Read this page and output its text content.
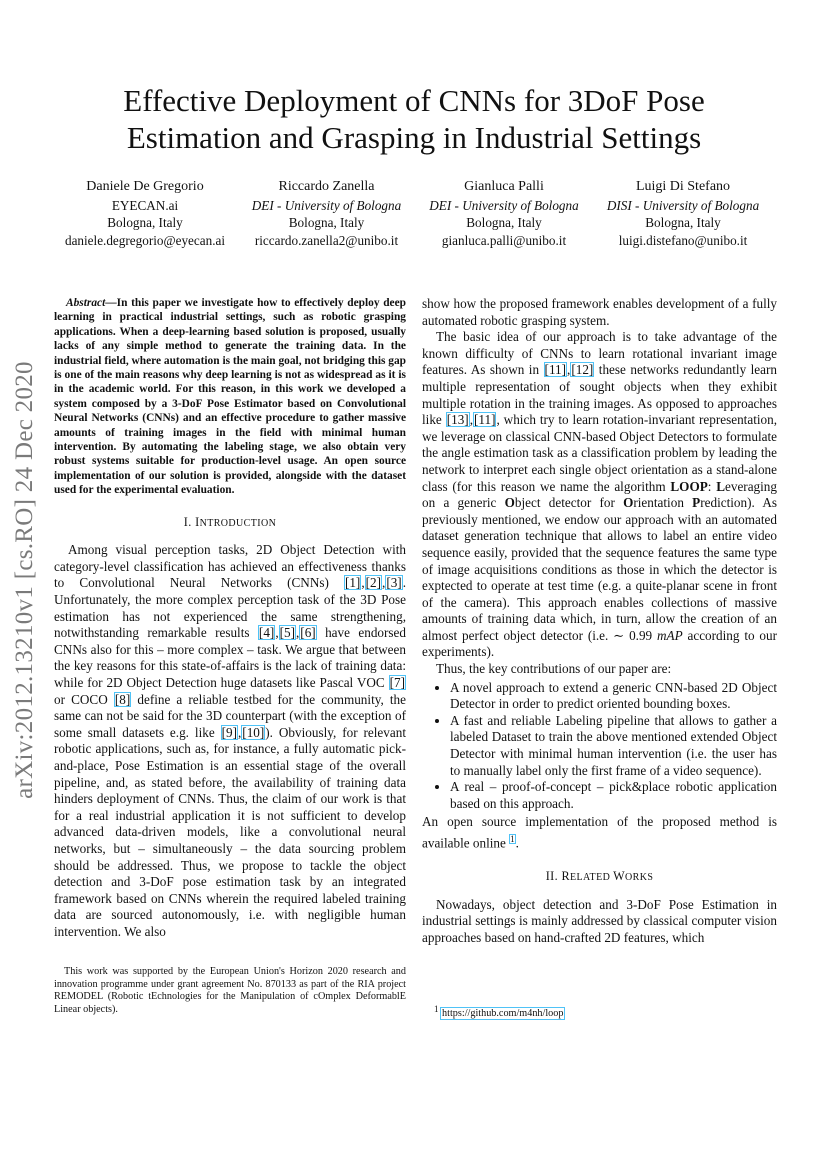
arXiv:2012.13210v1 [cs.RO] 24 Dec 2020
Effective Deployment of CNNs for 3DoF Pose Estimation and Grasping in Industrial Settings
Daniele De Gregorio
EYECAN.ai
Bologna, Italy
daniele.degregorio@eyecan.ai
Riccardo Zanella
DEI - University of Bologna
Bologna, Italy
riccardo.zanella2@unibo.it
Gianluca Palli
DEI - University of Bologna
Bologna, Italy
gianluca.palli@unibo.it
Luigi Di Stefano
DISI - University of Bologna
Bologna, Italy
luigi.distefano@unibo.it

Abstract—In this paper we investigate how to effectively deploy deep learning in practical industrial settings, such as robotic grasping applications. When a deep-learning based solution is proposed, usually lacks of any simple method to generate the training data. In the industrial field, where automation is the main goal, not bridging this gap is one of the main reasons why deep learning is not as widespread as it is in the academic world. For this reason, in this work we developed a system composed by a 3-DoF Pose Estimator based on Convolutional Neural Networks (CNNs) and an effective procedure to gather massive amounts of training images in the field with minimal human intervention. By automating the labeling stage, we also obtain very robust systems suitable for production-level usage. An open source implementation of our solution is provided, alongside with the dataset used for the experimental evaluation.

I. INTRODUCTION

Among visual perception tasks, 2D Object Detection with category-level classification has achieved an effectiveness thanks to Convolutional Neural Networks (CNNs) [1],[2],[3]. Unfortunately, the more complex perception task of the 3D Pose estimation has not experienced the same strengthening, notwithstanding remarkable results [4],[5],[6] have endorsed CNNs also for this – more complex – task. We argue that between the key reasons for this state-of-affairs is the lack of training data: while for 2D Object Detection huge datasets like Pascal VOC [7] or COCO [8] define a reliable testbed for the community, the same can not be said for the 3D counterpart (with the exception of some small datasets e.g. like [9],[10]). Obviously, for relevant robotic applications, such as, for instance, a fully automatic pick-and-place, Pose Estimation is an essential stage of the overall pipeline, and, as stated before, the availability of training data hinders deployment of CNNs. Thus, the claim of our work is that for a real industrial application it is not sufficient to develop advanced data-driven models, like a convolutional neural networks, but – simultaneously – the data sourcing problem should be addressed. Thus, we propose to tackle the object detection and 3-DoF pose estimation task by an integrated framework based on CNNs wherein the required labeled training data are sourced autonomously, i.e. with negligible human intervention. We also

This work was supported by the European Union's Horizon 2020 research and innovation programme under grant agreement No. 870133 as part of the RIA project REMODEL (Robotic tEchnologies for the Manipulation of cOmplex DeformablE Linear objects).

show how the proposed framework enables development of a fully automated robotic grasping system.

The basic idea of our approach is to take advantage of the known difficulty of CNNs to learn rotational invariant image features. As shown in [11],[12] these networks redundantly learn multiple representation of sought objects when they exhibit multiple rotation in the training images. As opposed to approaches like [13],[11], which try to learn rotation-invariant representation, we leverage on classical CNN-based Object Detectors to formulate the angle estimation task as a classification problem by leading the network to interpret each single object orientation as a stand-alone class (for this reason we name the algorithm LOOP: Leveraging on a generic Object detector for Orientation Prediction). As previously mentioned, we endow our approach with an automated dataset generation technique that allows to label an entire video sequence easily, provided that the sequence features the same type of image acquisitions conditions as those in which the detector is exptected to operate at test time (e.g. a quite-planar scene in front of the camera). This approach enables collections of massive amounts of training data which, in turn, allow the creation of an almost perfect object detector (i.e. ∼ 0.99 mAP according to our experiments).

Thus, the key contributions of our paper are:

• A novel approach to extend a generic CNN-based 2D Object Detector in order to predict oriented bounding boxes.
• A fast and reliable Labeling pipeline that allows to gather a labeled Dataset to train the above mentioned extended Object Detector with minimal human intervention (i.e. the user has to manually label only the first frame of a video sequence).
• A real – proof-of-concept – pick&place robotic application based on this approach.

An open source implementation of the proposed method is available online $^1$.

II. RELATED WORKS

Nowadays, object detection and 3-DoF Pose Estimation in industrial settings is mainly addressed by classical computer vision approaches based on hand-crafted 2D features, which

$^1$ https://github.com/m4nh/loop
